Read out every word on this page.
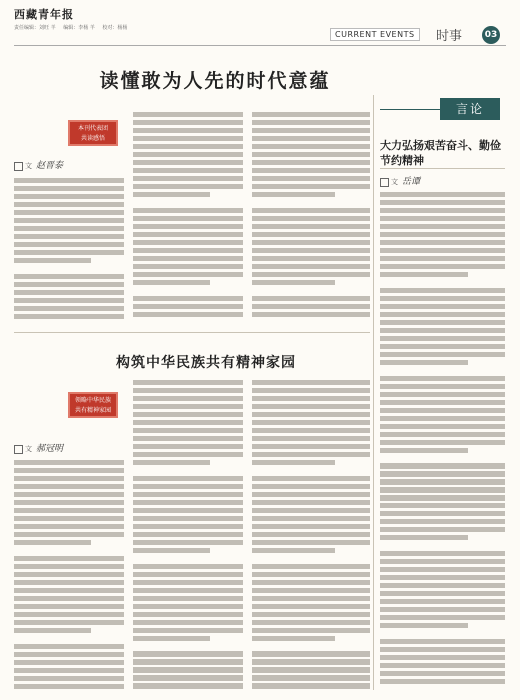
西藏青年报
责任编辑：刘旺 羊 编辑：李杨 羊 校对：杨杨
CURRENT EVENTS	时事	03
读懂敢为人先的时代意蕴
本刊代表团
共读感悟
文 赵晋泰
构筑中华民族共有精神家园
领略中华民族
共有精神家园
文 郝冠明
言论
大力弘扬艰苦奋斗、勤俭节约精神
文 岳谭
